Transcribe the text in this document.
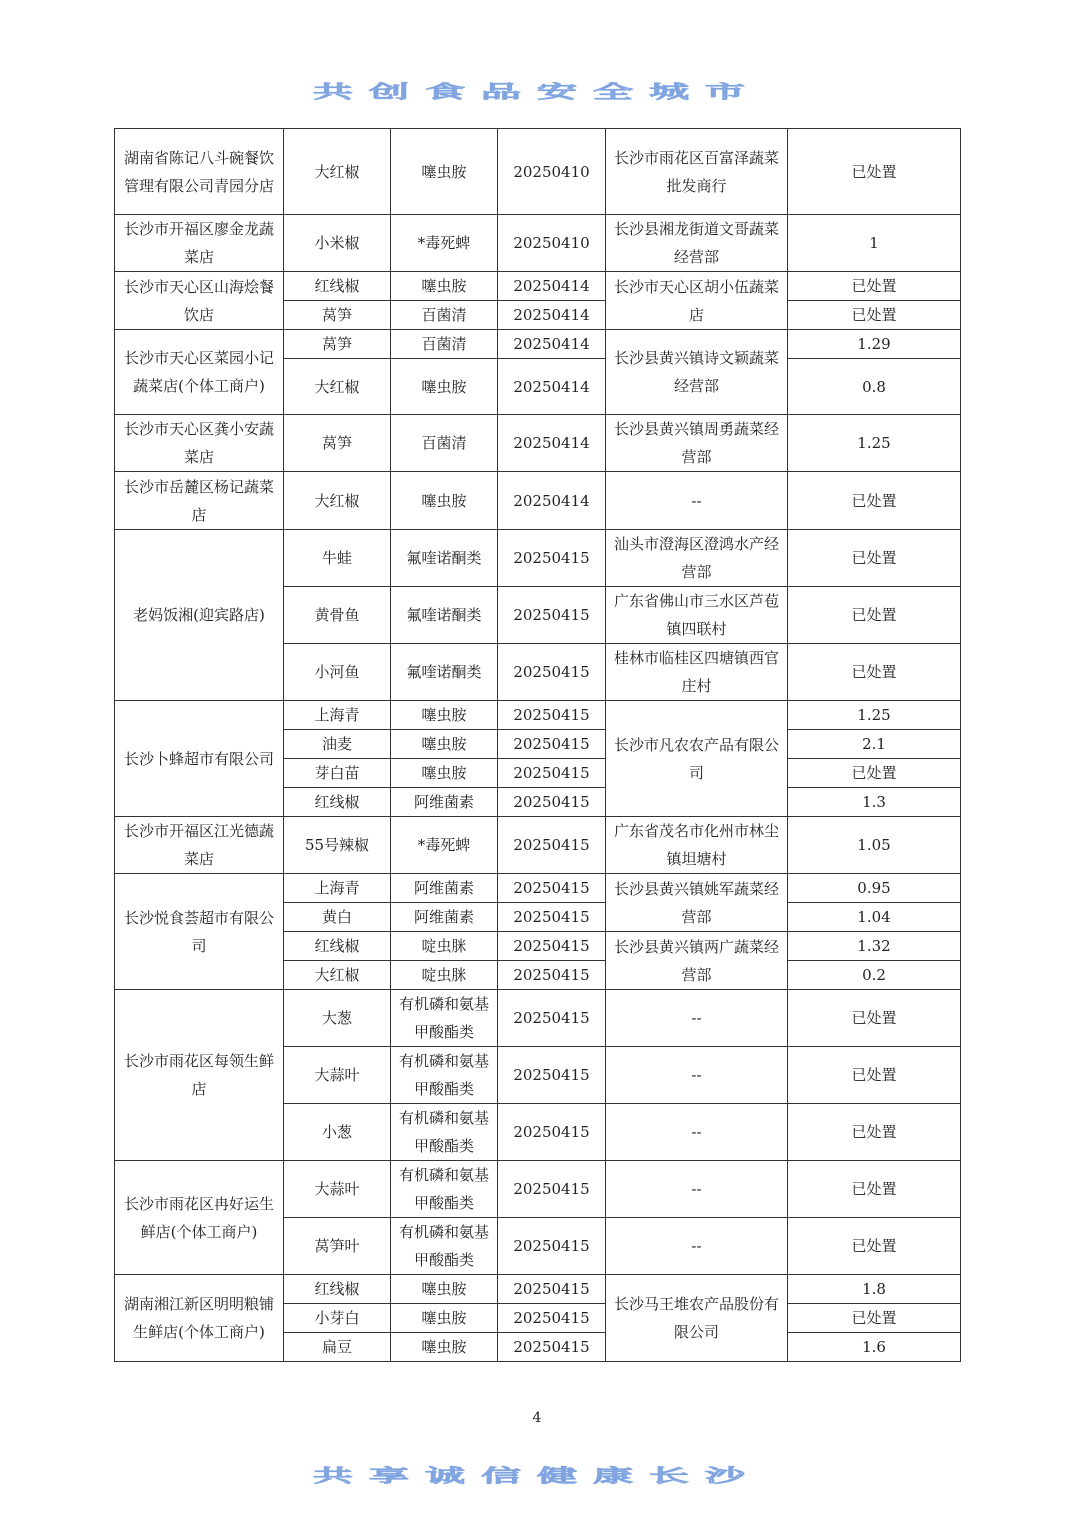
共创食品安全城市
湖南省陈记八斗碗餐饮管理有限公司青园分店	大红椒	噻虫胺	20250410	长沙市雨花区百富泽蔬菜批发商行	已处置
长沙市开福区廖金龙蔬菜店	小米椒	*毒死蜱	20250410	长沙县湘龙街道文哥蔬菜经营部	1
长沙市天心区山海烩餐饮店	红线椒	噻虫胺	20250414	长沙市天心区胡小伍蔬菜店	已处置
	莴笋	百菌清	20250414		已处置
长沙市天心区菜园小记蔬菜店(个体工商户)	莴笋	百菌清	20250414	长沙县黄兴镇诗文颖蔬菜经营部	1.29
	大红椒	噻虫胺	20250414		0.8
长沙市天心区龚小安蔬菜店	莴笋	百菌清	20250414	长沙县黄兴镇周勇蔬菜经营部	1.25
长沙市岳麓区杨记蔬菜店	大红椒	噻虫胺	20250414	--	已处置
老妈饭湘(迎宾路店)	牛蛙	氟喹诺酮类	20250415	汕头市澄海区澄鸿水产经营部	已处置
	黄骨鱼	氟喹诺酮类	20250415	广东省佛山市三水区芦苞镇四联村	已处置
	小河鱼	氟喹诺酮类	20250415	桂林市临桂区四塘镇西官庄村	已处置
长沙卜蜂超市有限公司	上海青	噻虫胺	20250415	长沙市凡农农产品有限公司	1.25
	油麦	噻虫胺	20250415		2.1
	芽白苗	噻虫胺	20250415		已处置
	红线椒	阿维菌素	20250415		1.3
长沙市开福区江光德蔬菜店	55号辣椒	*毒死蜱	20250415	广东省茂名市化州市林尘镇坦塘村	1.05
长沙悦食荟超市有限公司	上海青	阿维菌素	20250415	长沙县黄兴镇姚军蔬菜经营部	0.95
	黄白	阿维菌素	20250415		1.04
	红线椒	啶虫脒	20250415	长沙县黄兴镇两广蔬菜经营部	1.32
	大红椒	啶虫脒	20250415		0.2
长沙市雨花区每领生鲜店	大葱	有机磷和氨基甲酸酯类	20250415	--	已处置
	大蒜叶	有机磷和氨基甲酸酯类	20250415	--	已处置
	小葱	有机磷和氨基甲酸酯类	20250415	--	已处置
长沙市雨花区冉好运生鲜店(个体工商户)	大蒜叶	有机磷和氨基甲酸酯类	20250415	--	已处置
	莴笋叶	有机磷和氨基甲酸酯类	20250415	--	已处置
湖南湘江新区明明粮铺生鲜店(个体工商户)	红线椒	噻虫胺	20250415	长沙马王堆农产品股份有限公司	1.8
	小芽白	噻虫胺	20250415		已处置
	扁豆	噻虫胺	20250415		1.6
4
共享诚信健康长沙
